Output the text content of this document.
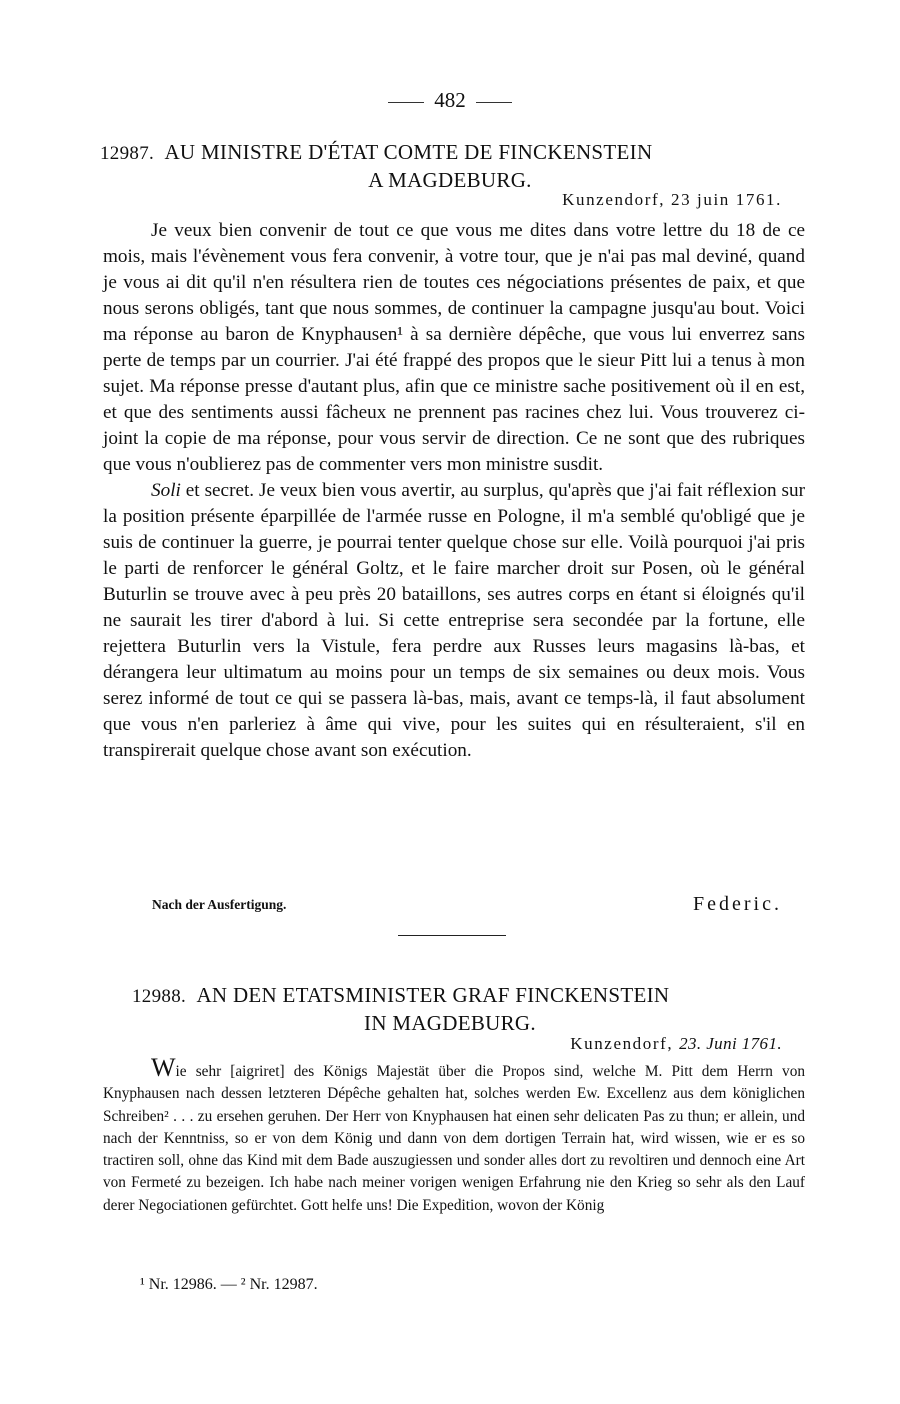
482
12987. AU MINISTRE D'ÉTAT COMTE DE FINCKENSTEIN
A MAGDEBURG.
Kunzendorf, 23 juin 1761.

Je veux bien convenir de tout ce que vous me dites dans votre lettre du 18 de ce mois, mais l'évènement vous fera convenir, à votre tour, que je n'ai pas mal deviné, quand je vous ai dit qu'il n'en résultera rien de toutes ces négociations présentes de paix, et que nous serons obligés, tant que nous sommes, de continuer la campagne jusqu'au bout. Voici ma réponse au baron de Knyphausen¹ à sa dernière dépêche, que vous lui enverrez sans perte de temps par un courrier. J'ai été frappé des propos que le sieur Pitt lui a tenus à mon sujet. Ma réponse presse d'autant plus, afin que ce ministre sache positivement où il en est, et que des sentiments aussi fâcheux ne prennent pas racines chez lui. Vous trouverez ci-joint la copie de ma réponse, pour vous servir de direction. Ce ne sont que des rubriques que vous n'oublierez pas de commenter vers mon ministre susdit.

Soli et secret. Je veux bien vous avertir, au surplus, qu'après que j'ai fait réflexion sur la position présente éparpillée de l'armée russe en Pologne, il m'a semblé qu'obligé que je suis de continuer la guerre, je pourrai tenter quelque chose sur elle. Voilà pourquoi j'ai pris le parti de renforcer le général Goltz, et le faire marcher droit sur Posen, où le général Buturlin se trouve avec à peu près 20 bataillons, ses autres corps en étant si éloignés qu'il ne saurait les tirer d'abord à lui. Si cette entreprise sera secondée par la fortune, elle rejettera Buturlin vers la Vistule, fera perdre aux Russes leurs magasins là-bas, et dérangera leur ultimatum au moins pour un temps de six semaines ou deux mois. Vous serez informé de tout ce qui se passera là-bas, mais, avant ce temps-là, il faut absolument que vous n'en parleriez à âme qui vive, pour les suites qui en résulteraient, s'il en transpirerait quelque chose avant son exécution.

Nach der Ausfertigung.	Federic.
12988. AN DEN ETATSMINISTER GRAF FINCKENSTEIN
IN MAGDEBURG.
Kunzendorf, 23. Juni 1761.

Wie sehr [aigriret] des Königs Majestät über die Propos sind, welche M. Pitt dem Herrn von Knyphausen nach dessen letzteren Dépêche gehalten hat, solches werden Ew. Excellenz aus dem königlichen Schreiben² . . . zu ersehen geruhen. Der Herr von Knyphausen hat einen sehr delicaten Pas zu thun; er allein, und nach der Kenntniss, so er von dem König und dann von dem dortigen Terrain hat, wird wissen, wie er es so tractiren soll, ohne das Kind mit dem Bade auszugiessen und sonder alles dort zu revoltiren und dennoch eine Art von Fermeté zu bezeigen. Ich habe nach meiner vorigen wenigen Erfahrung nie den Krieg so sehr als den Lauf derer Negociationen gefürchtet. Gott helfe uns! Die Expedition, wovon der König

¹ Nr. 12986. — ² Nr. 12987.
